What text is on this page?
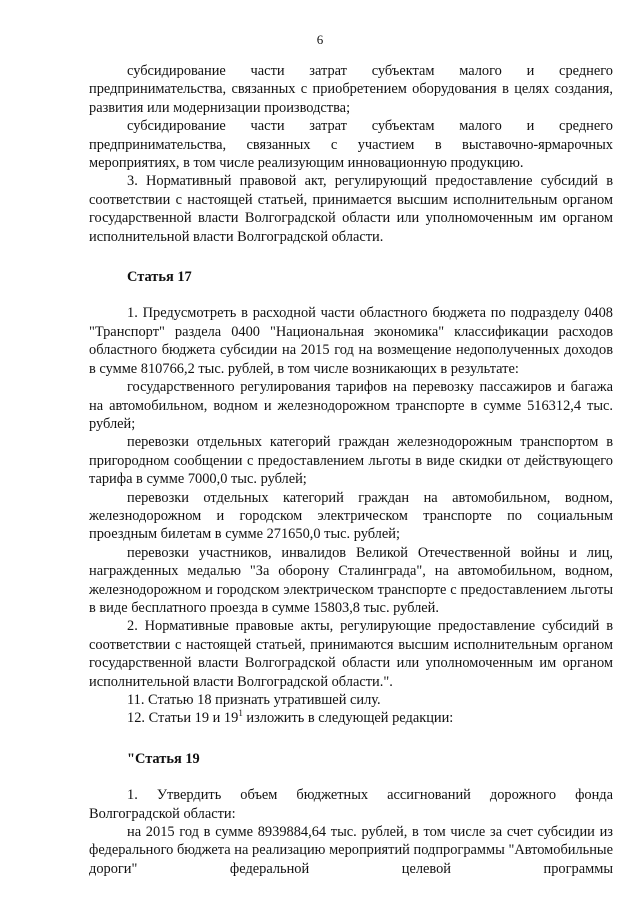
6

субсидирование части затрат субъектам малого и среднего предпринимательства, связанных с приобретением оборудования в целях создания, развития или модернизации производства;

субсидирование части затрат субъектам малого и среднего предпринимательства, связанных с участием в выставочно-ярмарочных мероприятиях, в том числе реализующим инновационную продукцию.

3. Нормативный правовой акт, регулирующий предоставление субсидий в соответствии с настоящей статьей, принимается высшим исполнительным органом государственной власти Волгоградской области или уполномоченным им органом исполнительной власти Волгоградской области.

Статья 17

1. Предусмотреть в расходной части областного бюджета по подразделу 0408 "Транспорт" раздела 0400 "Национальная экономика" классификации расходов областного бюджета субсидии на 2015 год на возмещение недополученных доходов в сумме 810766,2 тыс. рублей, в том числе возникающих в результате:

государственного регулирования тарифов на перевозку пассажиров и багажа на автомобильном, водном и железнодорожном транспорте в сумме 516312,4 тыс. рублей;

перевозки отдельных категорий граждан железнодорожным транспортом в пригородном сообщении с предоставлением льготы в виде скидки от действующего тарифа в сумме 7000,0 тыс. рублей;

перевозки отдельных категорий граждан на автомобильном, водном, железнодорожном и городском электрическом транспорте по социальным проездным билетам в сумме 271650,0 тыс. рублей;

перевозки участников, инвалидов Великой Отечественной войны и лиц, награжденных медалью "За оборону Сталинграда", на автомобильном, водном, железнодорожном и городском электрическом транспорте с предоставлением льготы в виде бесплатного проезда в сумме 15803,8 тыс. рублей.

2. Нормативные правовые акты, регулирующие предоставление субсидий в соответствии с настоящей статьей, принимаются высшим исполнительным органом государственной власти Волгоградской области или уполномоченным им органом исполнительной власти Волгоградской области.".

11. Статью 18 признать утратившей силу.

12. Статьи 19 и $19^1$ изложить в следующей редакции:

"Статья 19

1. Утвердить объем бюджетных ассигнований дорожного фонда Волгоградской области:

на 2015 год в сумме 8939884,64 тыс. рублей, в том числе за счет субсидии из федерального бюджета на реализацию мероприятий подпрограммы "Автомобильные дороги" федеральной целевой программы
